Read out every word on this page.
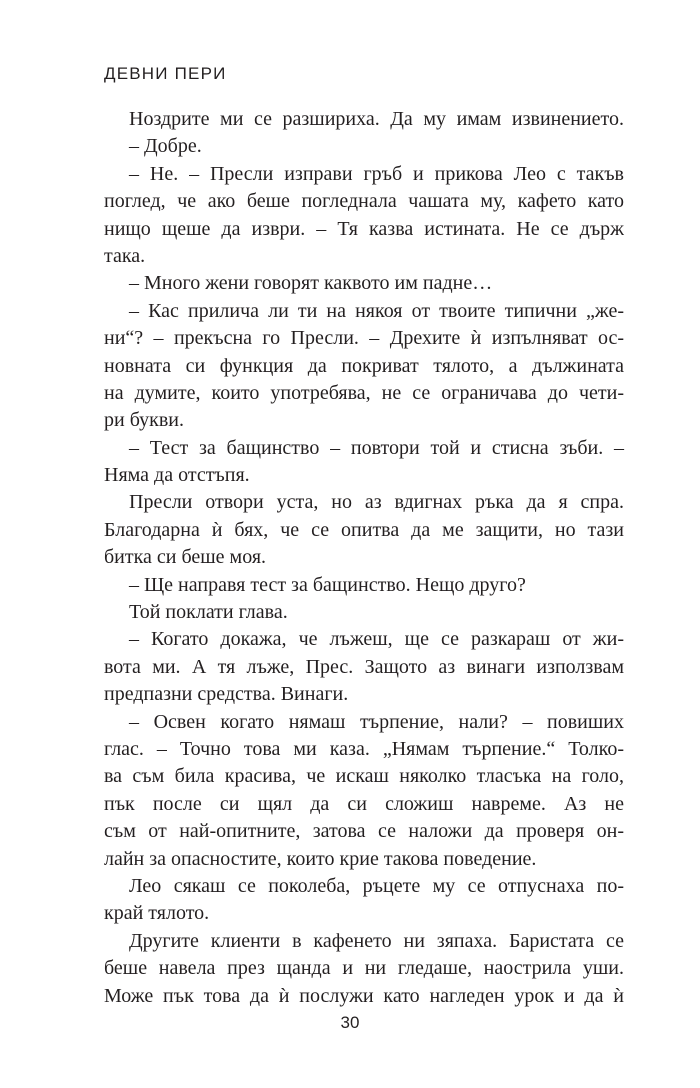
ДЕВНИ ПЕРИ
Ноздрите ми се разшириха. Да му имам извинението.
– Добре.
– Не. – Пресли изправи гръб и прикова Лео с такъв
поглед, че ако беше погледнала чашата му, кафето като
нищо щеше да изври. – Тя казва истината. Не се държ
така.
– Много жени говорят каквото им падне…
– Кас прилича ли ти на някоя от твоите типични „же-
ни“? – прекъсна го Пресли. – Дрехите ѝ изпълняват ос-
новната си функция да покриват тялото, а дължината
на думите, които употребява, не се ограничава до чети-
ри букви.
– Тест за бащинство – повтори той и стисна зъби. –
Няма да отстъпя.
Пресли отвори уста, но аз вдигнах ръка да я спра.
Благодарна ѝ бях, че се опитва да ме защити, но тази
битка си беше моя.
– Ще направя тест за бащинство. Нещо друго?
Той поклати глава.
– Когато докажа, че лъжеш, ще се разкараш от жи-
вота ми. А тя лъже, Прес. Защото аз винаги използвам
предпазни средства. Винаги.
– Освен когато нямаш търпение, нали? – повиших
глас. – Точно това ми каза. „Нямам търпение.“ Толко-
ва съм била красива, че искаш няколко тласъка на голо,
пък после си щял да си сложиш навреме. Аз не
съм от най-опитните, затова се наложи да проверя он-
лайн за опасностите, които крие такова поведение.
Лео сякаш се поколеба, ръцете му се отпуснаха по-
край тялото.
Другите клиенти в кафенето ни зяпаха. Баристата се
беше навела през щанда и ни гледаше, наострила уши.
Може пък това да ѝ послужи като нагледен урок и да ѝ
30
